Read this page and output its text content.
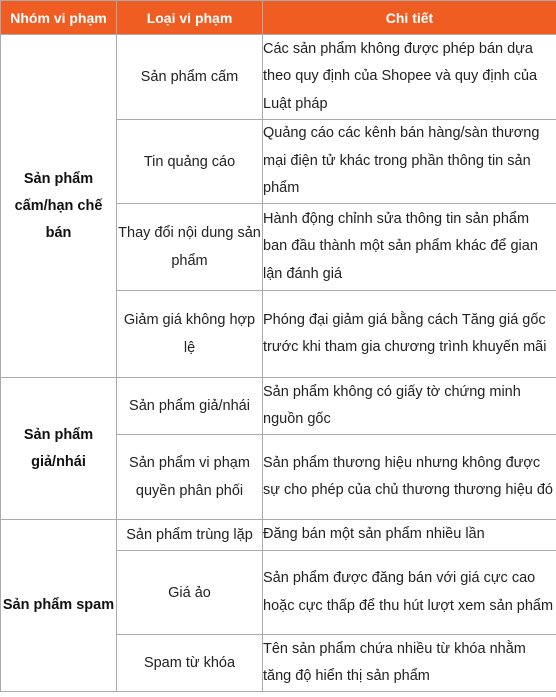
Nhóm vi phạm	Loại vi phạm	Chi tiết
Sản phẩm cấm/hạn chế bán	Sản phẩm cấm	Các sản phẩm không được phép bán dựa theo quy định của Shopee và quy định của Luật pháp
	Tin quảng cáo	Quảng cáo các kênh bán hàng/sàn thương mại điện tử khác trong phần thông tin sản phẩm
	Thay đổi nội dung sản phẩm	Hành động chỉnh sửa thông tin sản phẩm ban đầu thành một sản phẩm khác để gian lận đánh giá
	Giảm giá không hợp lệ	Phóng đại giảm giá bằng cách Tăng giá gốc trước khi tham gia chương trình khuyến mãi
Sản phẩm giả/nhái	Sản phẩm giả/nhái	Sản phẩm không có giấy tờ chứng minh nguồn gốc
	Sản phẩm vi phạm quyền phân phối	Sản phẩm thương hiệu nhưng không được sự cho phép của chủ thương thương hiệu đó
Sản phẩm spam	Sản phẩm trùng lặp	Đăng bán một sản phẩm nhiều lần
	Giá ảo	Sản phẩm được đăng bán với giá cực cao hoặc cực thấp để thu hút lượt xem sản phẩm
	Spam từ khóa	Tên sản phẩm chứa nhiều từ khóa nhằm tăng độ hiển thị sản phẩm
